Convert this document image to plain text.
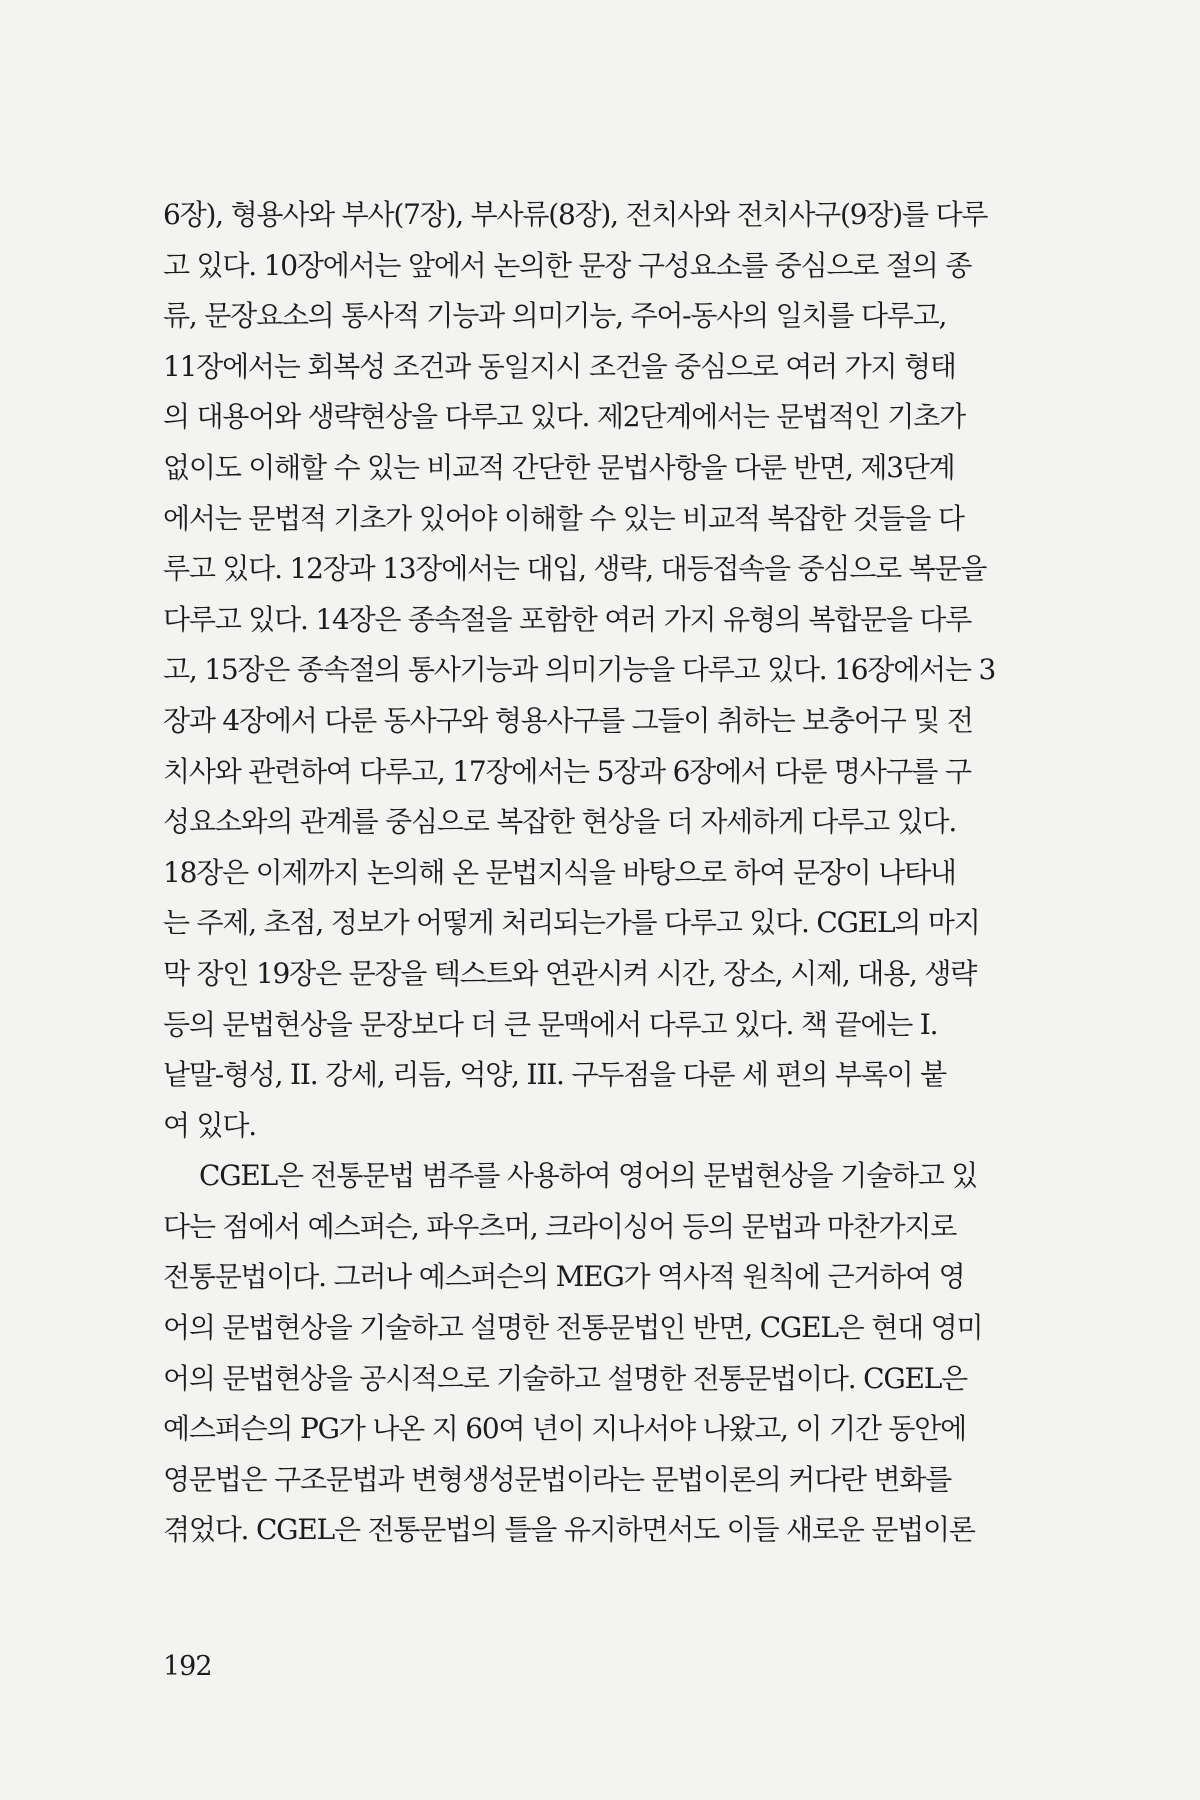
6장), 형용사와 부사(7장), 부사류(8장), 전치사와 전치사구(9장)를 다루
고 있다. 10장에서는 앞에서 논의한 문장 구성요소를 중심으로 절의 종
류, 문장요소의 통사적 기능과 의미기능, 주어-동사의 일치를 다루고,
11장에서는 회복성 조건과 동일지시 조건을 중심으로 여러 가지 형태
의 대용어와 생략현상을 다루고 있다. 제2단계에서는 문법적인 기초가
없이도 이해할 수 있는 비교적 간단한 문법사항을 다룬 반면, 제3단계
에서는 문법적 기초가 있어야 이해할 수 있는 비교적 복잡한 것들을 다
루고 있다. 12장과 13장에서는 대입, 생략, 대등접속을 중심으로 복문을
다루고 있다. 14장은 종속절을 포함한 여러 가지 유형의 복합문을 다루
고, 15장은 종속절의 통사기능과 의미기능을 다루고 있다. 16장에서는 3
장과 4장에서 다룬 동사구와 형용사구를 그들이 취하는 보충어구 및 전
치사와 관련하여 다루고, 17장에서는 5장과 6장에서 다룬 명사구를 구
성요소와의 관계를 중심으로 복잡한 현상을 더 자세하게 다루고 있다.
18장은 이제까지 논의해 온 문법지식을 바탕으로 하여 문장이 나타내
는 주제, 초점, 정보가 어떻게 처리되는가를 다루고 있다. CGEL의 마지
막 장인 19장은 문장을 텍스트와 연관시켜 시간, 장소, 시제, 대용, 생략
등의 문법현상을 문장보다 더 큰 문맥에서 다루고 있다. 책 끝에는 I.
낱말-형성, II. 강세, 리듬, 억양, III. 구두점을 다룬 세 편의 부록이 붙
여 있다.

CGEL은 전통문법 범주를 사용하여 영어의 문법현상을 기술하고 있
다는 점에서 예스퍼슨, 파우츠머, 크라이싱어 등의 문법과 마찬가지로
전통문법이다. 그러나 예스퍼슨의 MEG가 역사적 원칙에 근거하여 영
어의 문법현상을 기술하고 설명한 전통문법인 반면, CGEL은 현대 영미
어의 문법현상을 공시적으로 기술하고 설명한 전통문법이다. CGEL은
예스퍼슨의 PG가 나온 지 60여 년이 지나서야 나왔고, 이 기간 동안에
영문법은 구조문법과 변형생성문법이라는 문법이론의 커다란 변화를
겪었다. CGEL은 전통문법의 틀을 유지하면서도 이들 새로운 문법이론

192
